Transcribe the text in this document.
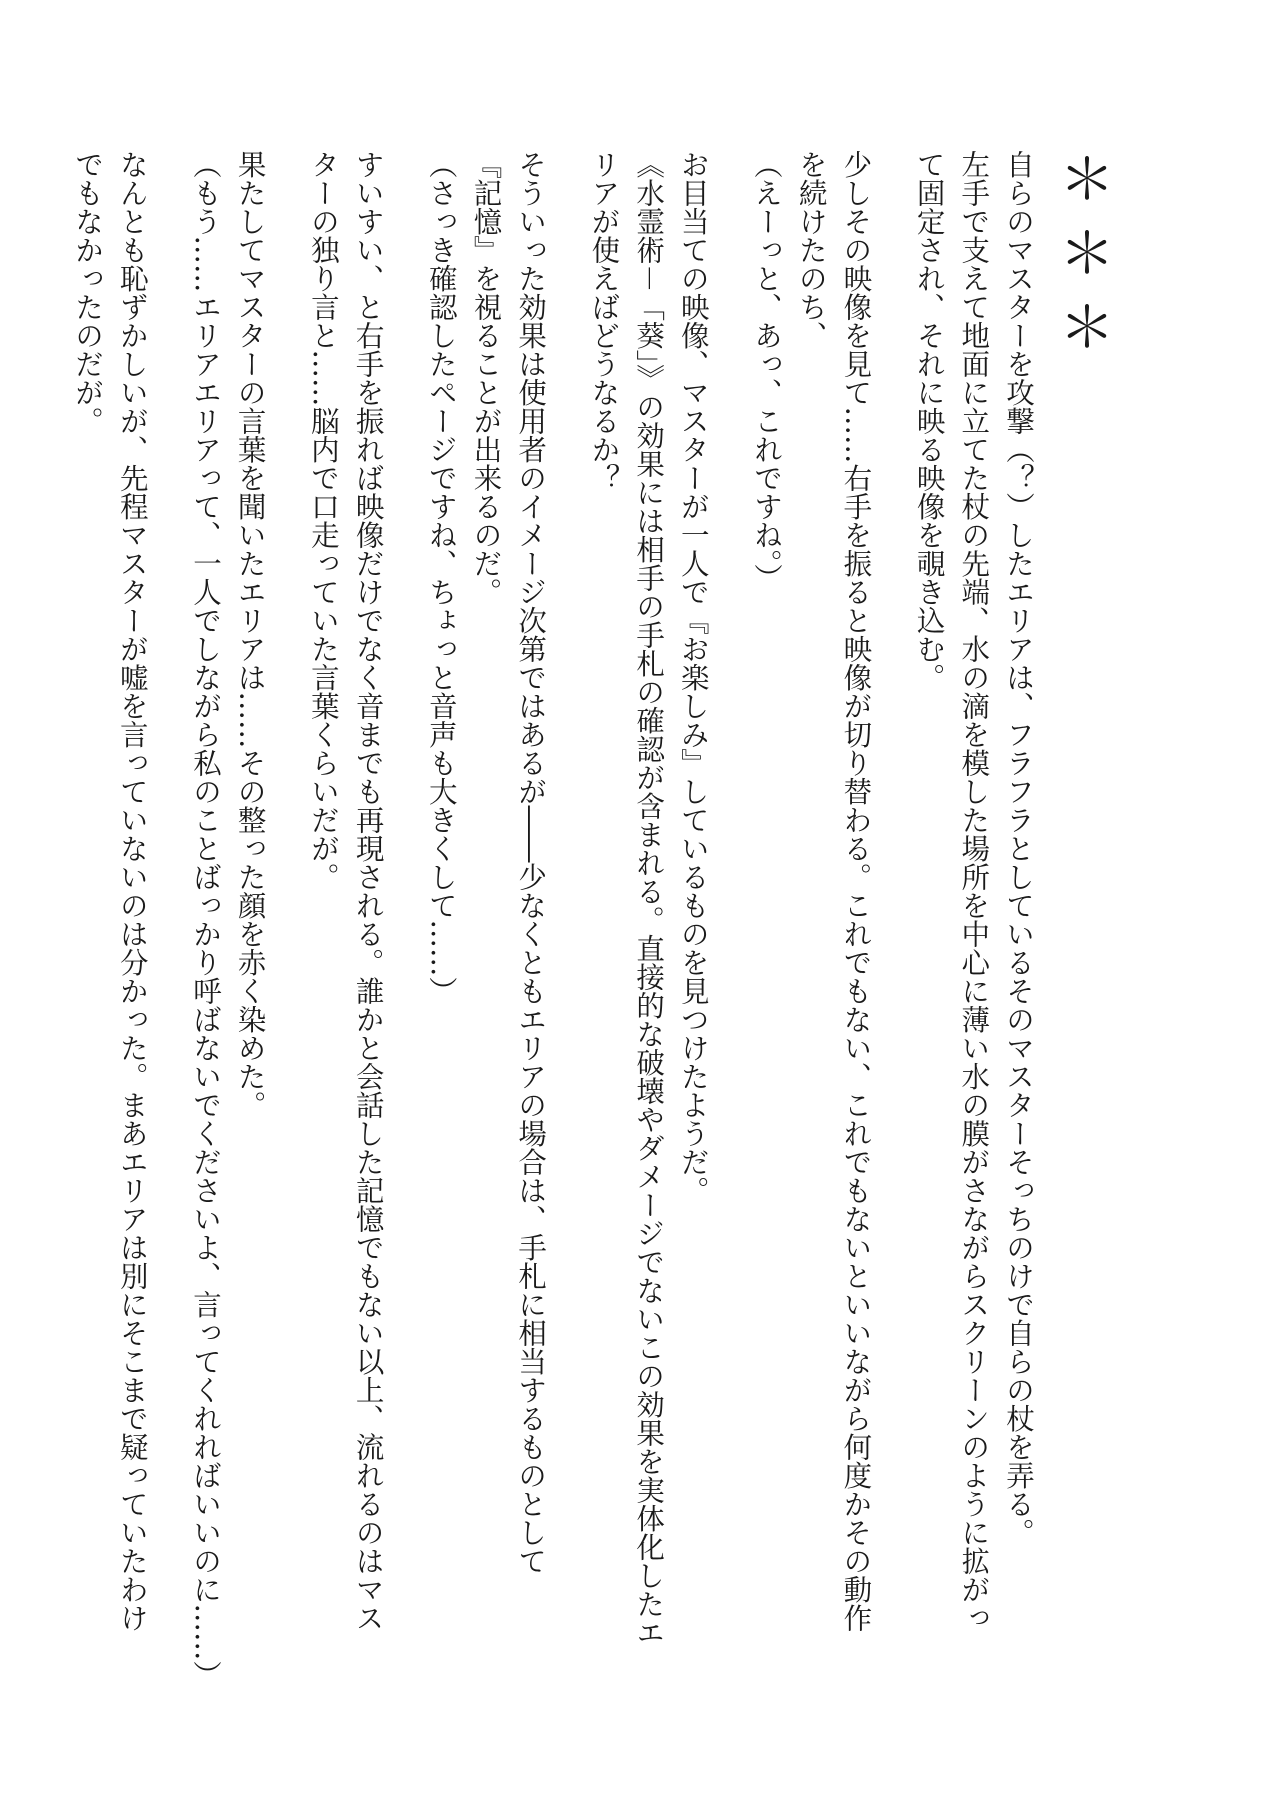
＊＊＊
自らのマスターを攻撃（？）したエリアは、フラフラとしているそのマスターそっちのけで自らの杖を弄る。
左手で支えて地面に立てた杖の先端、水の滴を模した場所を中心に薄い水の膜がさながらスクリーンのように拡がっ
て固定され、それに映る映像を覗き込む。
少しその映像を見て……右手を振ると映像が切り替わる。これでもない、これでもないといいながら何度かその動作
を続けたのち、
（えーっと、あっ、これですね。）
お目当ての映像、マスターが一人で『お楽しみ』しているものを見つけたようだ。
《水霊術－「葵」》の効果には相手の手札の確認が含まれる。直接的な破壊やダメージでないこの効果を実体化したエ
リアが使えばどうなるか？
そういった効果は使用者のイメージ次第ではあるが――少なくともエリアの場合は、手札に相当するものとして
『記憶』を視ることが出来るのだ。
（さっき確認したページですね、ちょっと音声も大きくして……）
すいすい、と右手を振れば映像だけでなく音までも再現される。誰かと会話した記憶でもない以上、流れるのはマス
ターの独り言と……脳内で口走っていた言葉くらいだが。
果たしてマスターの言葉を聞いたエリアは……その整った顔を赤く染めた。
（もう……エリアエリアって、一人でしながら私のことばっかり呼ばないでくださいよ、言ってくれればいいのに……）
なんとも恥ずかしいが、先程マスターが嘘を言っていないのは分かった。まあエリアは別にそこまで疑っていたわけ
でもなかったのだが。
